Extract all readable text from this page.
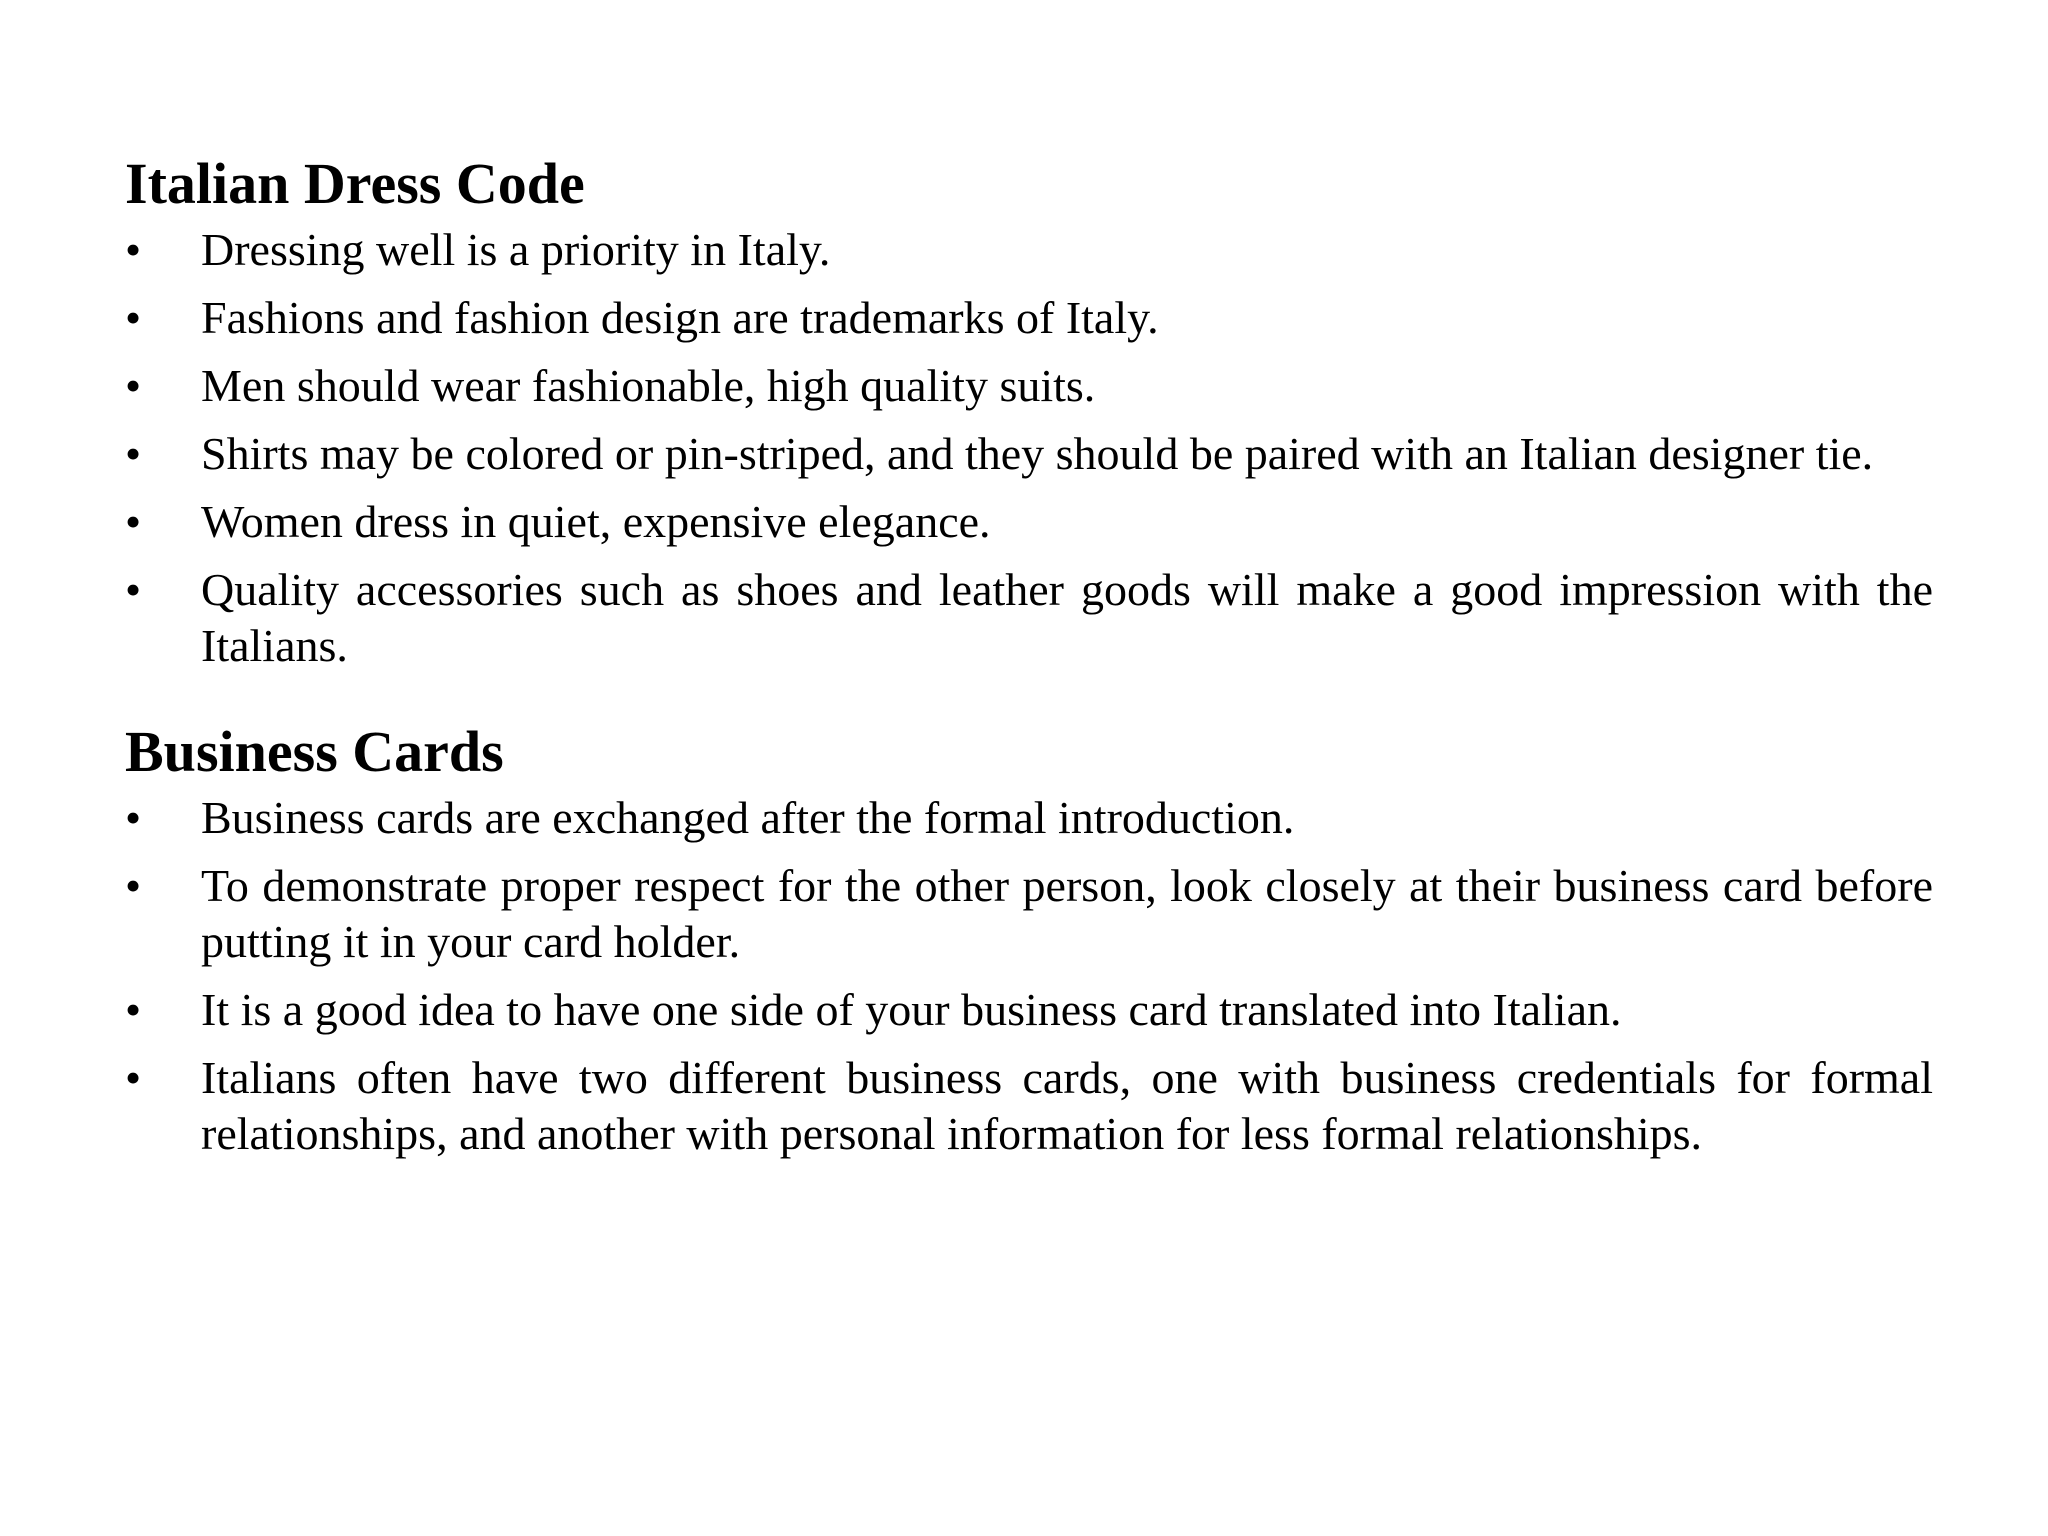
Italian Dress Code
•	Dressing well is a priority in Italy.
•	Fashions and fashion design are trademarks of Italy.
•	Men should wear fashionable, high quality suits.
•	Shirts may be colored or pin-striped, and they should be paired with an Italian designer tie.
•	Women dress in quiet, expensive elegance.
•	Quality accessories such as shoes and leather goods will make a good impression with the Italians.
Business Cards
•	Business cards are exchanged after the formal introduction.
•	To demonstrate proper respect for the other person, look closely at their business card before putting it in your card holder.
•	It is a good idea to have one side of your business card translated into Italian.
•	Italians often have two different business cards, one with business credentials for formal relationships, and another with personal information for less formal relationships.
